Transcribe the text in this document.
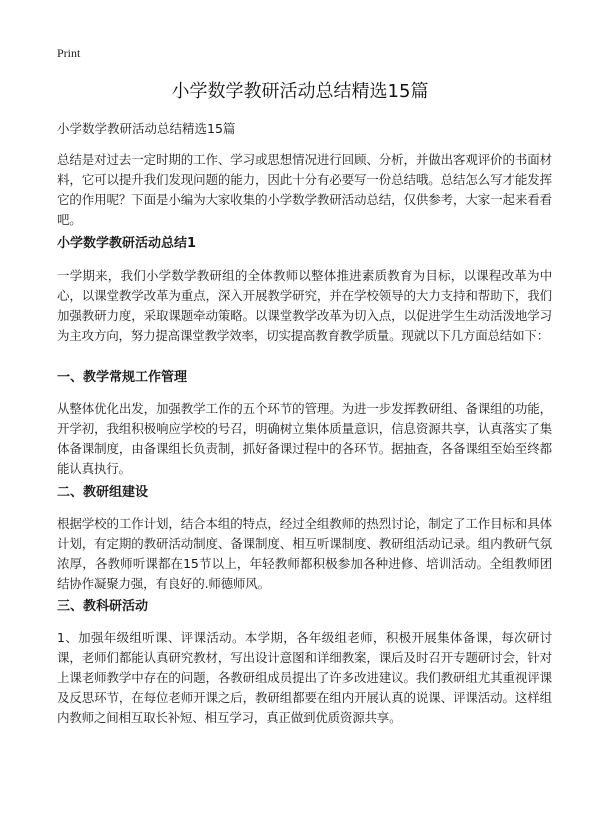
Print
小学数学教研活动总结精选15篇
小学数学教研活动总结精选15篇

总结是对过去一定时期的工作、学习或思想情况进行回顾、分析，并做出客观评价的书面材料，它可以提升我们发现问题的能力，因此十分有必要写一份总结哦。总结怎么写才能发挥它的作用呢？下面是小编为大家收集的小学数学教研活动总结，仅供参考，大家一起来看看吧。

小学数学教研活动总结1

一学期来，我们小学数学教研组的全体教师以整体推进素质教育为目标，以课程改革为中心，以课堂教学改革为重点，深入开展教学研究，并在学校领导的大力支持和帮助下，我们加强教研力度，采取课题牵动策略。以课堂教学改革为切入点，以促进学生生动活泼地学习为主攻方向，努力提高课堂教学效率，切实提高教育教学质量。现就以下几方面总结如下：

一、教学常规工作管理

从整体优化出发，加强教学工作的五个环节的管理。为进一步发挥教研组、备课组的功能，开学初，我组积极响应学校的号召，明确树立集体质量意识，信息资源共享，认真落实了集体备课制度，由备课组长负责制，抓好备课过程中的各环节。据抽查，各备课组至始至终都能认真执行。

二、教研组建设

根据学校的工作计划，结合本组的特点，经过全组教师的热烈讨论，制定了工作目标和具体计划，有定期的教研活动制度、备课制度、相互听课制度、教研组活动记录。组内教研气氛浓厚，各教师听课都在15节以上，年轻教师都积极参加各种进修、培训活动。全组教师团结协作凝聚力强，有良好的.师德师风。

三、教科研活动

1、加强年级组听课、评课活动。本学期，各年级组老师，积极开展集体备课，每次研讨课，老师们都能认真研究教材，写出设计意图和详细教案，课后及时召开专题研讨会，针对上课老师教学中存在的问题，各教研组成员提出了许多改进建议。我们教研组尤其重视评课及反思环节，在每位老师开课之后，教研组都要在组内开展认真的说课、评课活动。这样组内教师之间相互取长补短、相互学习，真正做到优质资源共享。
